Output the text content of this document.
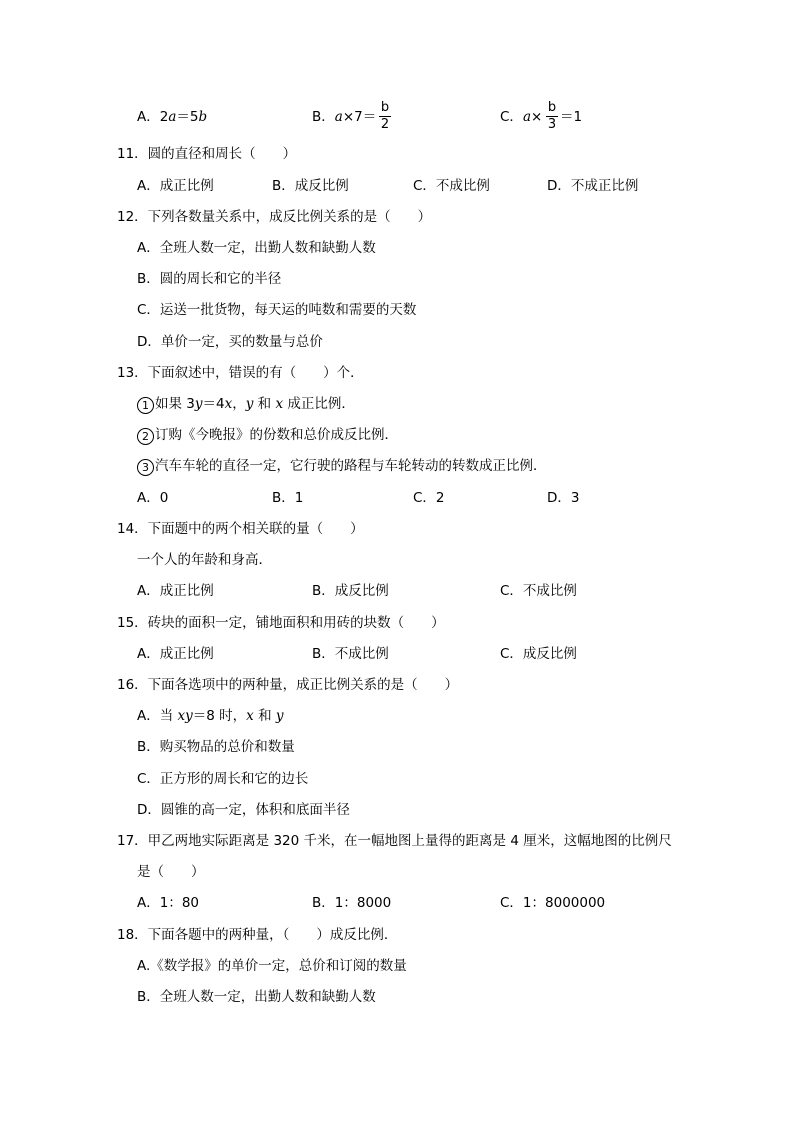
A．2a＝5b	B．$a\times 7= \frac{b}{2}$	C．$a\times \frac{b}{3} =1$
11．圆的直径和周长（　　）
A．成正比例	B．成反比例	C．不成比例	D．不成正比例
12．下列各数量关系中，成反比例关系的是（　　）
A．全班人数一定，出勤人数和缺勤人数
B．圆的周长和它的半径
C．运送一批货物，每天运的吨数和需要的天数
D．单价一定，买的数量与总价
13．下面叙述中，错误的有（　　）个．
1 如果 3y＝4x，y 和 x 成正比例．
2 订购《今晚报》的份数和总价成反比例．
3 汽车车轮的直径一定，它行驶的路程与车轮转动的转数成正比例．
A．0	B．1	C．2	D．3
14．下面题中的两个相关联的量（　　）
一个人的年龄和身高．
A．成正比例	B．成反比例	C．不成比例
15．砖块的面积一定，铺地面积和用砖的块数（　　）
A．成正比例	B．不成比例	C．成反比例
16．下面各选项中的两种量，成正比例关系的是（　　）
A．当 xy＝8 时，x 和 y
B．购买物品的总价和数量
C．正方形的周长和它的边长
D．圆锥的高一定，体积和底面半径
17．甲乙两地实际距离是 320 千米，在一幅地图上量得的距离是 4 厘米，这幅地图的比例尺
是（　　）
A．1：80	B．1：8000	C．1：8000000
18．下面各题中的两种量，（　　）成反比例．
A.《数学报》的单价一定，总价和订阅的数量
B．全班人数一定，出勤人数和缺勤人数
